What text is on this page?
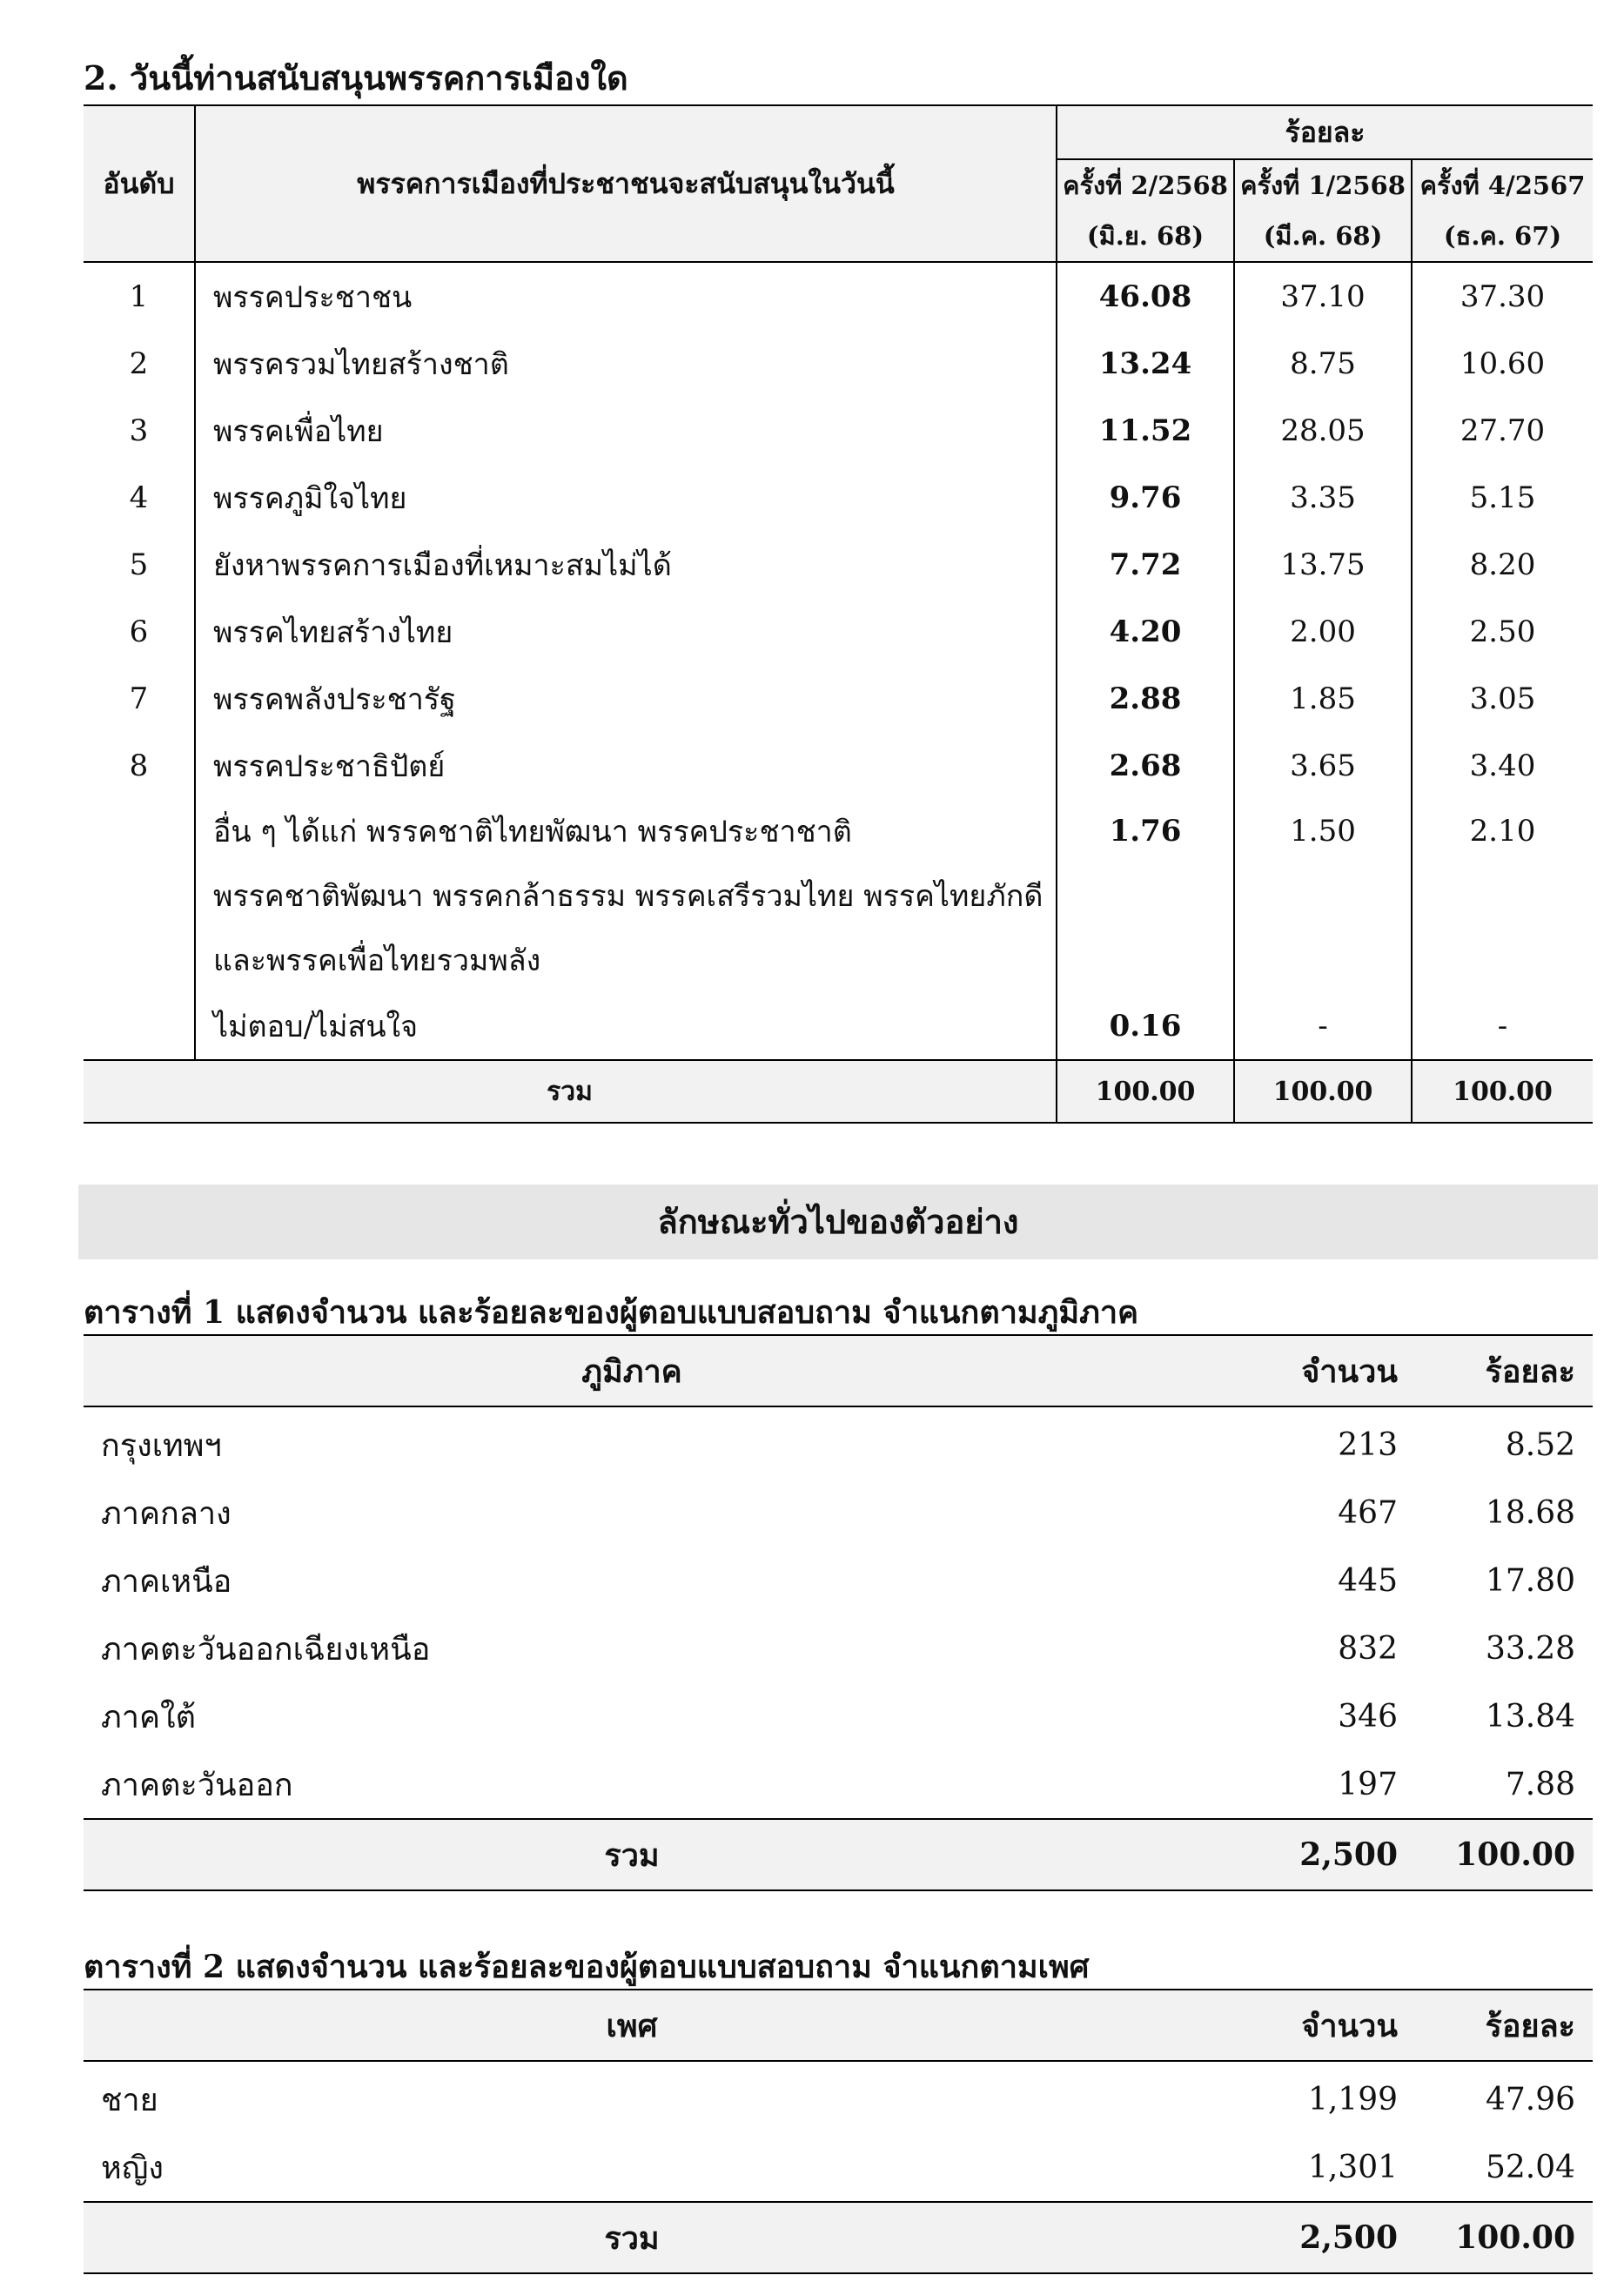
2. วันนี้ท่านสนับสนุนพรรคการเมืองใด
อันดับ	พรรคการเมืองที่ประชาชนจะสนับสนุนในวันนี้	ร้อยละ		
		ครั้งที่ 2/2568	ครั้งที่ 1/2568	ครั้งที่ 4/2567
		(มิ.ย. 68)	(มี.ค. 68)	(ธ.ค. 67)
1	พรรคประชาชน	46.08	37.10	37.30
2	พรรครวมไทยสร้างชาติ	13.24	8.75	10.60
3	พรรคเพื่อไทย	11.52	28.05	27.70
4	พรรคภูมิใจไทย	9.76	3.35	5.15
5	ยังหาพรรคการเมืองที่เหมาะสมไม่ได้	7.72	13.75	8.20
6	พรรคไทยสร้างไทย	4.20	2.00	2.50
7	พรรคพลังประชารัฐ	2.88	1.85	3.05
8	พรรคประชาธิปัตย์	2.68	3.65	3.40
	อื่น ๆ ได้แก่ พรรคชาติไทยพัฒนา พรรคประชาชาติ	1.76	1.50	2.10
	พรรคชาติพัฒนา พรรคกล้าธรรม พรรคเสรีรวมไทย พรรคไทยภักดี			
	และพรรคเพื่อไทยรวมพลัง			
	ไม่ตอบ/ไม่สนใจ	0.16	-	-
รวม		100.00	100.00	100.00
ลักษณะทั่วไปของตัวอย่าง
ตารางที่ 1 แสดงจำนวน และร้อยละของผู้ตอบแบบสอบถาม จำแนกตามภูมิภาค
ภูมิภาค	จำนวน	ร้อยละ
กรุงเทพฯ	213	8.52
ภาคกลาง	467	18.68
ภาคเหนือ	445	17.80
ภาคตะวันออกเฉียงเหนือ	832	33.28
ภาคใต้	346	13.84
ภาคตะวันออก	197	7.88
รวม	2,500	100.00
ตารางที่ 2 แสดงจำนวน และร้อยละของผู้ตอบแบบสอบถาม จำแนกตามเพศ
เพศ	จำนวน	ร้อยละ
ชาย	1,199	47.96
หญิง	1,301	52.04
รวม	2,500	100.00
